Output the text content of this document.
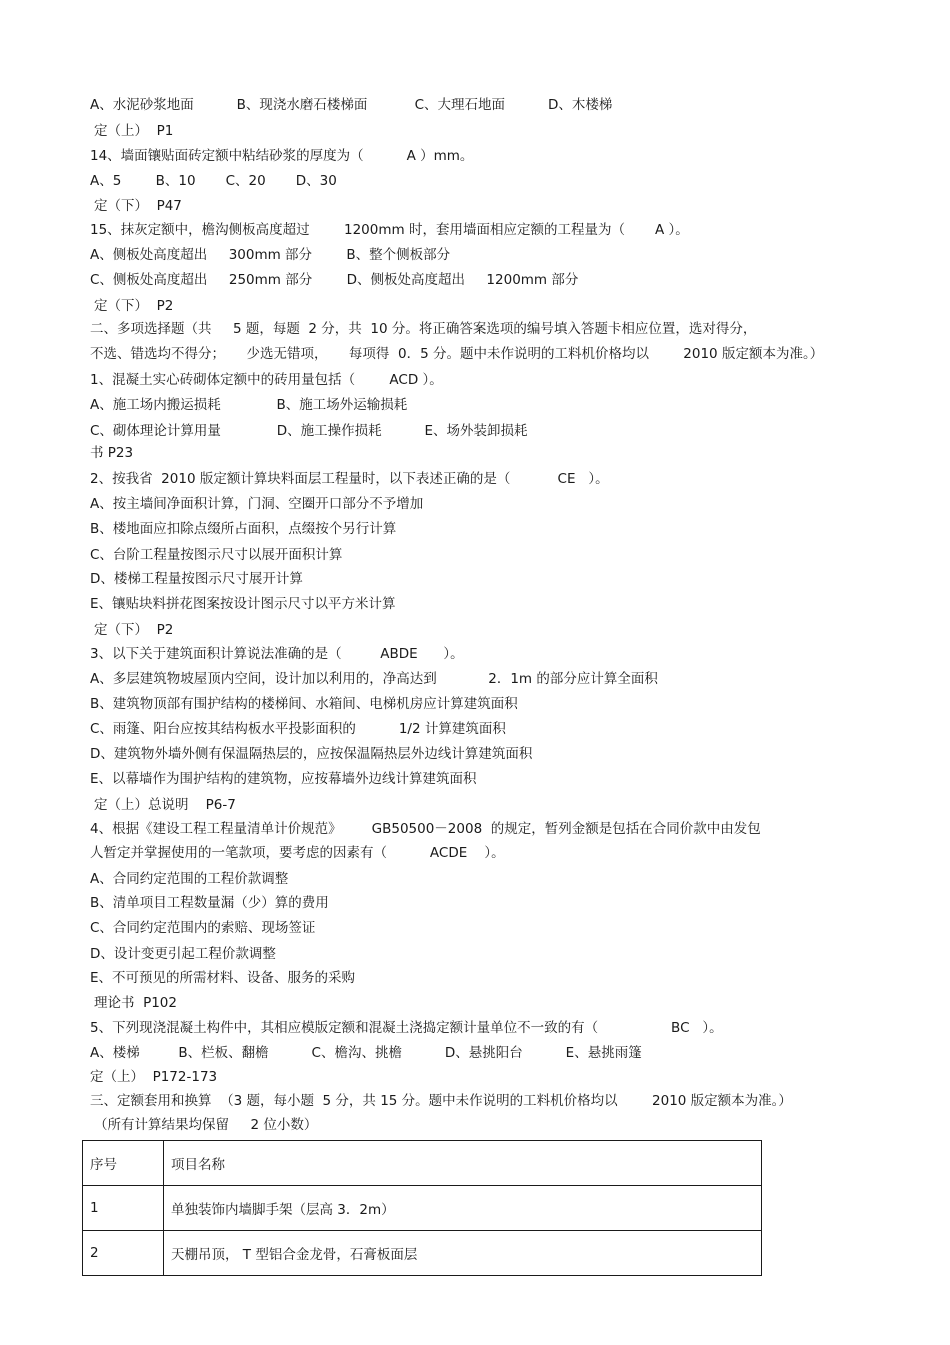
A、水泥砂浆地面          B、现浇水磨石楼梯面           C、大理石地面          D、木楼梯
定（上）  P1
14、墙面镶贴面砖定额中粘结砂浆的厚度为（          A ）mm。
A、5        B、10       C、20       D、30
定（下）  P47
15、抹灰定额中，檐沟侧板高度超过        1200mm 时，套用墙面相应定额的工程量为（       A ）。
A、侧板处高度超出     300mm 部分        B、整个侧板部分
C、侧板处高度超出     250mm 部分        D、侧板处高度超出     1200mm 部分
定（下）  P2
二、多项选择题（共     5 题，每题  2 分，共  10 分。将正确答案选项的编号填入答题卡相应位置，选对得分，
不选、错选均不得分；     少选无错项，     每项得  0．5 分。题中未作说明的工料机价格均以        2010 版定额本为准。）
1、混凝土实心砖砌体定额中的砖用量包括（        ACD ）。
A、施工场内搬运损耗             B、施工场外运输损耗
C、砌体理论计算用量             D、施工操作损耗          E、场外装卸损耗
书 P23
2、按我省  2010 版定额计算块料面层工程量时，以下表述正确的是（           CE   ）。
A、按主墙间净面积计算，门洞、空圈开口部分不予增加
B、楼地面应扣除点缀所占面积，点缀按个另行计算
C、台阶工程量按图示尺寸以展开面积计算
D、楼梯工程量按图示尺寸展开计算
E、镶贴块料拼花图案按设计图示尺寸以平方米计算
定（下）  P2
3、以下关于建筑面积计算说法准确的是（         ABDE      ）。
A、多层建筑物坡屋顶内空间，设计加以利用的，净高达到            2．1m 的部分应计算全面积
B、建筑物顶部有围护结构的楼梯间、水箱间、电梯机房应计算建筑面积
C、雨篷、阳台应按其结构板水平投影面积的          1/2 计算建筑面积
D、建筑物外墙外侧有保温隔热层的，应按保温隔热层外边线计算建筑面积
E、以幕墙作为围护结构的建筑物，应按幕墙外边线计算建筑面积
定（上）总说明    P6-7
4、根据《建设工程工程量清单计价规范》       GB50500－2008  的规定，暂列金额是包括在合同价款中由发包
人暂定并掌握使用的一笔款项，要考虑的因素有（          ACDE    ）。
A、合同约定范围的工程价款调整
B、清单项目工程数量漏（少）算的费用
C、合同约定范围内的索赔、现场签证
D、设计变更引起工程价款调整
E、不可预见的所需材料、设备、服务的采购
理论书  P102
5、下列现浇混凝土构件中，其相应模版定额和混凝土浇捣定额计量单位不一致的有（                 BC   ）。
A、楼梯         B、栏板、翻檐          C、檐沟、挑檐          D、悬挑阳台          E、悬挑雨篷
定（上）  P172-173
三、定额套用和换算  （3 题，每小题  5 分，共 15 分。题中未作说明的工料机价格均以        2010 版定额本为准。）
（所有计算结果均保留     2 位小数）
序号	项目名称
1	单独装饰内墙脚手架（层高 3．2m）
2	天棚吊顶， T 型铝合金龙骨，石膏板面层
